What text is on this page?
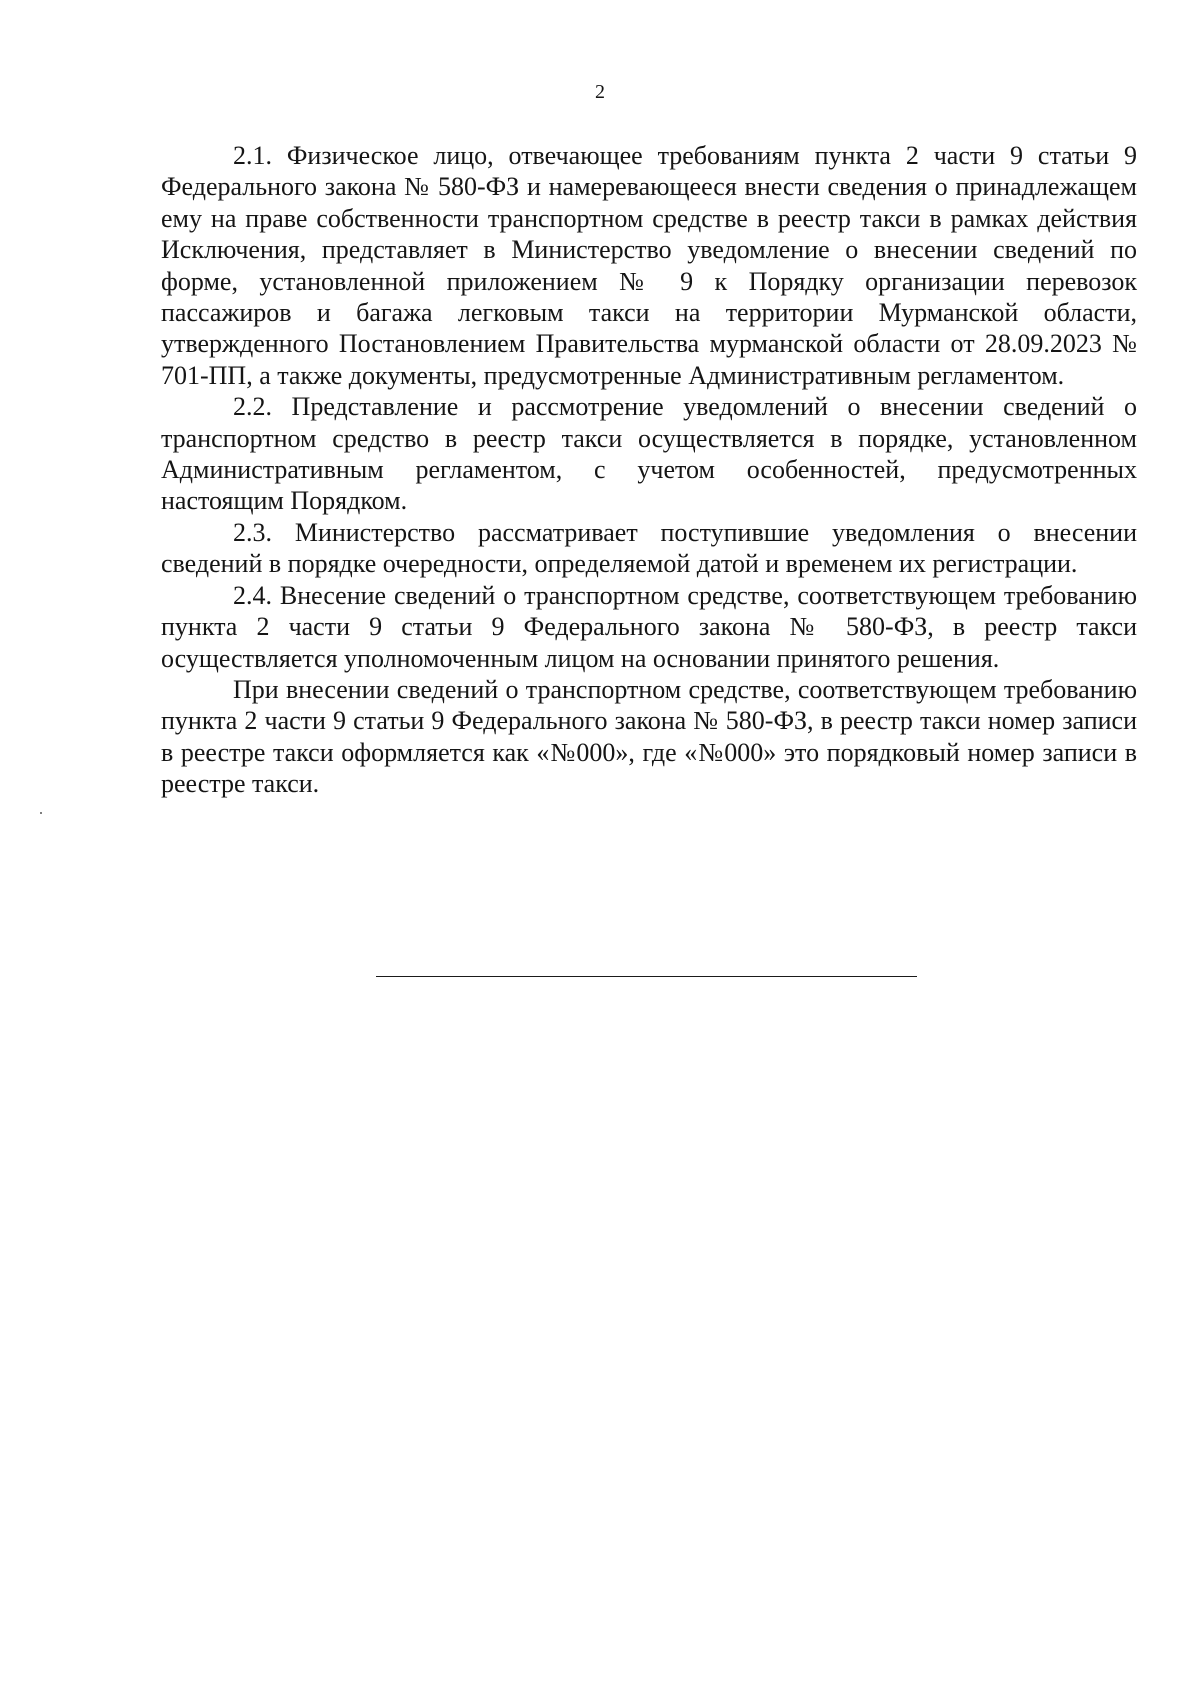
2

2.1. Физическое лицо, отвечающее требованиям пункта 2 части 9 статьи 9 Федерального закона № 580-ФЗ и намеревающееся внести сведения о принадлежащем ему на праве собственности транспортном средстве в реестр такси в рамках действия Исключения, представляет в Министерство уведомление о внесении сведений по форме, установленной приложением № 9 к Порядку организации перевозок пассажиров и багажа легковым такси на территории Мурманской области, утвержденного Постановлением Правительства мурманской области от 28.09.2023 № 701-ПП, а также документы, предусмотренные Административным регламентом.

2.2. Представление и рассмотрение уведомлений о внесении сведений о транспортном средство в реестр такси осуществляется в порядке, установленном Административным регламентом, с учетом особенностей, предусмотренных настоящим Порядком.

2.3. Министерство рассматривает поступившие уведомления о внесении сведений в порядке очередности, определяемой датой и временем их регистрации.

2.4. Внесение сведений о транспортном средстве, соответствующем требованию пункта 2 части 9 статьи 9 Федерального закона № 580-ФЗ, в реестр такси осуществляется уполномоченным лицом на основании принятого решения.

При внесении сведений о транспортном средстве, соответствующем требованию пункта 2 части 9 статьи 9 Федерального закона № 580-ФЗ, в реестр такси номер записи в реестре такси оформляется как «№000», где «№000» это порядковый номер записи в реестре такси.
